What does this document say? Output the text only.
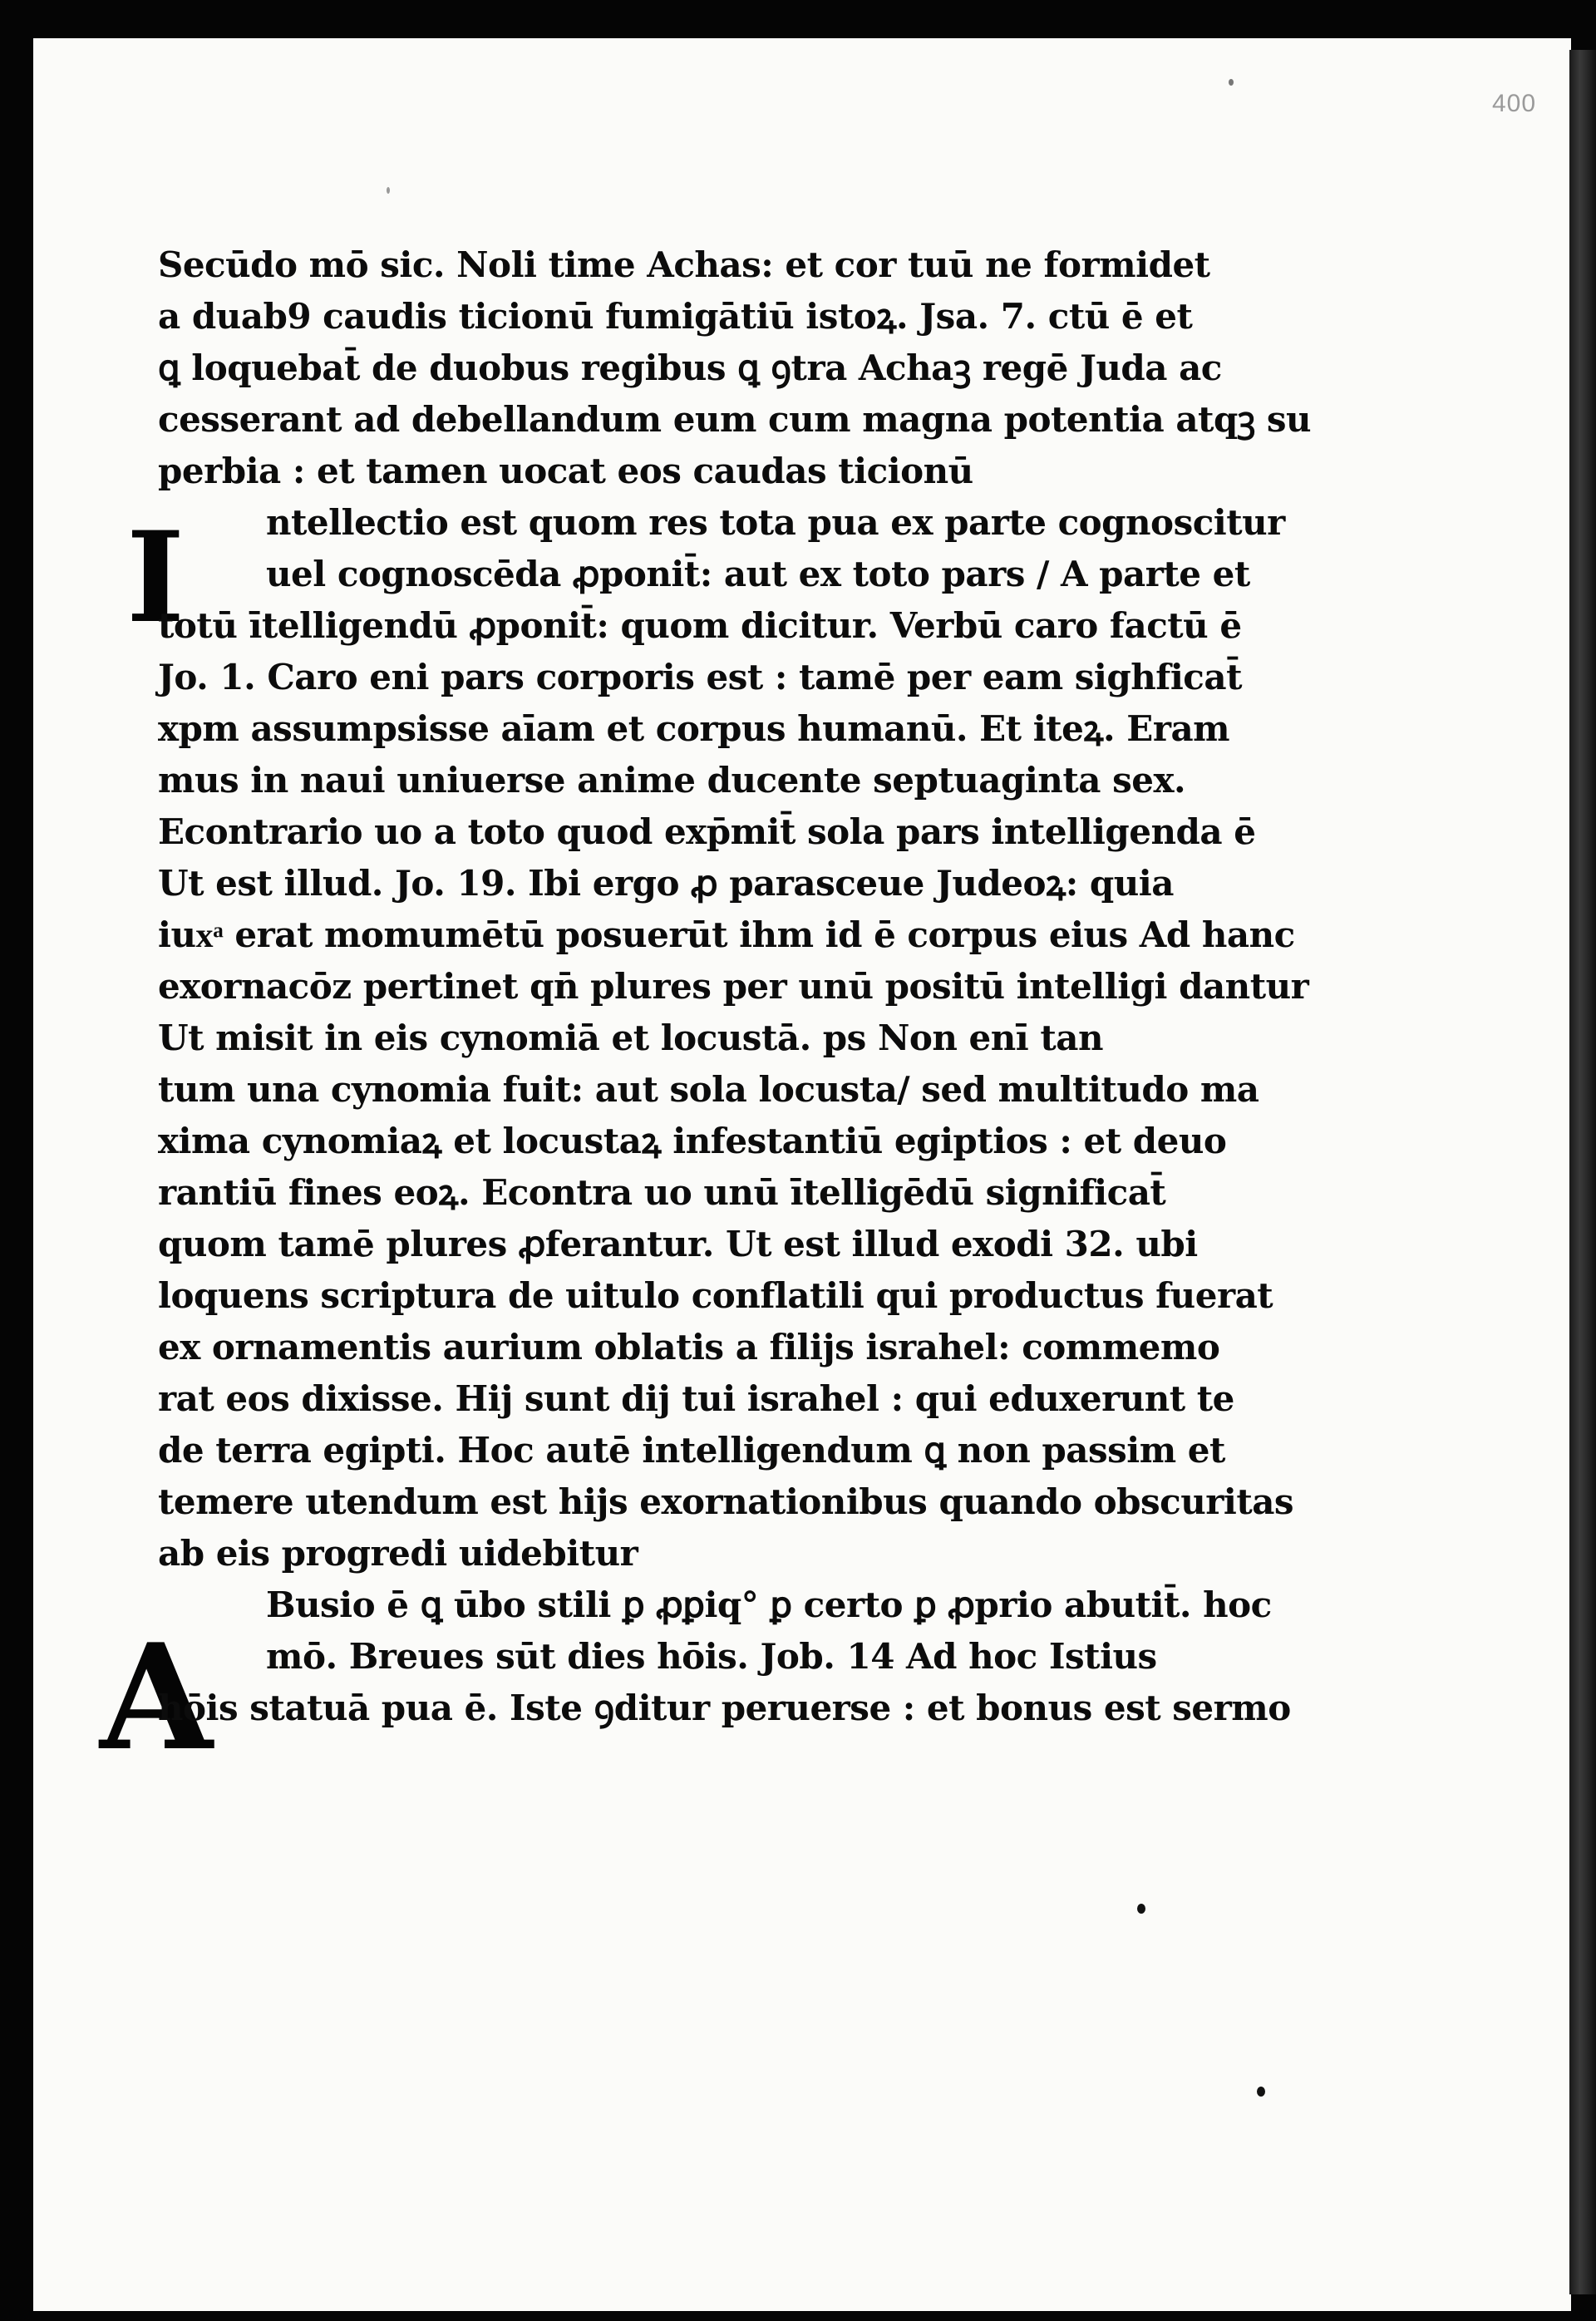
400
I
A
Secūdo mō sic. Noli time Achas: et cor tuū ne formidet
a duab9 caudis ticionū fumigātiū istoꝝ. Jsa. 7. ctū ē et
ꝗ loquebat̄ de duobus regibus ꝗ ꝯtra Achaꝫ regē Juda ac
cesserant ad debellandum eum cum magna potentia atqꝫ su
perbia : et tamen uocat eos caudas ticionū
ntellectio est quom res tota pua ex parte cognoscitur
uel cognoscēda ꝓponit̄: aut ex toto pars / A parte et
totū ītelligendū ꝓponit̄: quom dicitur. Verbū caro factū ē
Jo. 1. Caro eni pars corporis est : tamē per eam sighficat̄
xpm assumpsisse aīam et corpus humanū. Et iteꝝ. Eram
mus in naui uniuerse anime ducente septuaginta sex.
Econtrario uo a toto quod exp̄mit̄ sola pars intelligenda ē
Ut est illud. Jo. 19. Ibi ergo ꝓ parasceue Judeoꝝ: quia
iuxͣ erat momumētū posuerūt ihm id ē corpus eius Ad hanc
exornacōz pertinet qn̄ plures per unū positū intelligi dantur
Ut misit in eis cynomiā et locustā. ps Non enī tan
tum una cynomia fuit: aut sola locusta/ sed multitudo ma
xima cynomiaꝝ et locustaꝝ infestantiū egiptios : et deuo
rantiū fines eoꝝ. Econtra uo unū ītelligēdū significat̄
quom tamē plures ꝓferantur. Ut est illud exodi 32. ubi
loquens scriptura de uitulo conflatili qui productus fuerat
ex ornamentis aurium oblatis a filijs israhel: commemo
rat eos dixisse. Hij sunt dij tui israhel : qui eduxerunt te
de terra egipti. Hoc autē intelligendum ꝗ non passim et
temere utendum est hijs exornationibus quando obscuritas
ab eis progredi uidebitur
Busio ē ꝗ ūbo stili ꝑ ꝓꝑiq° ꝑ certo ꝑ ꝓprio abutit̄. hoc
mō. Breues sūt dies hōis. Job. 14 Ad hoc Istius
hōis statuā pua ē. Iste ꝯditur peruerse : et bonus est sermo
